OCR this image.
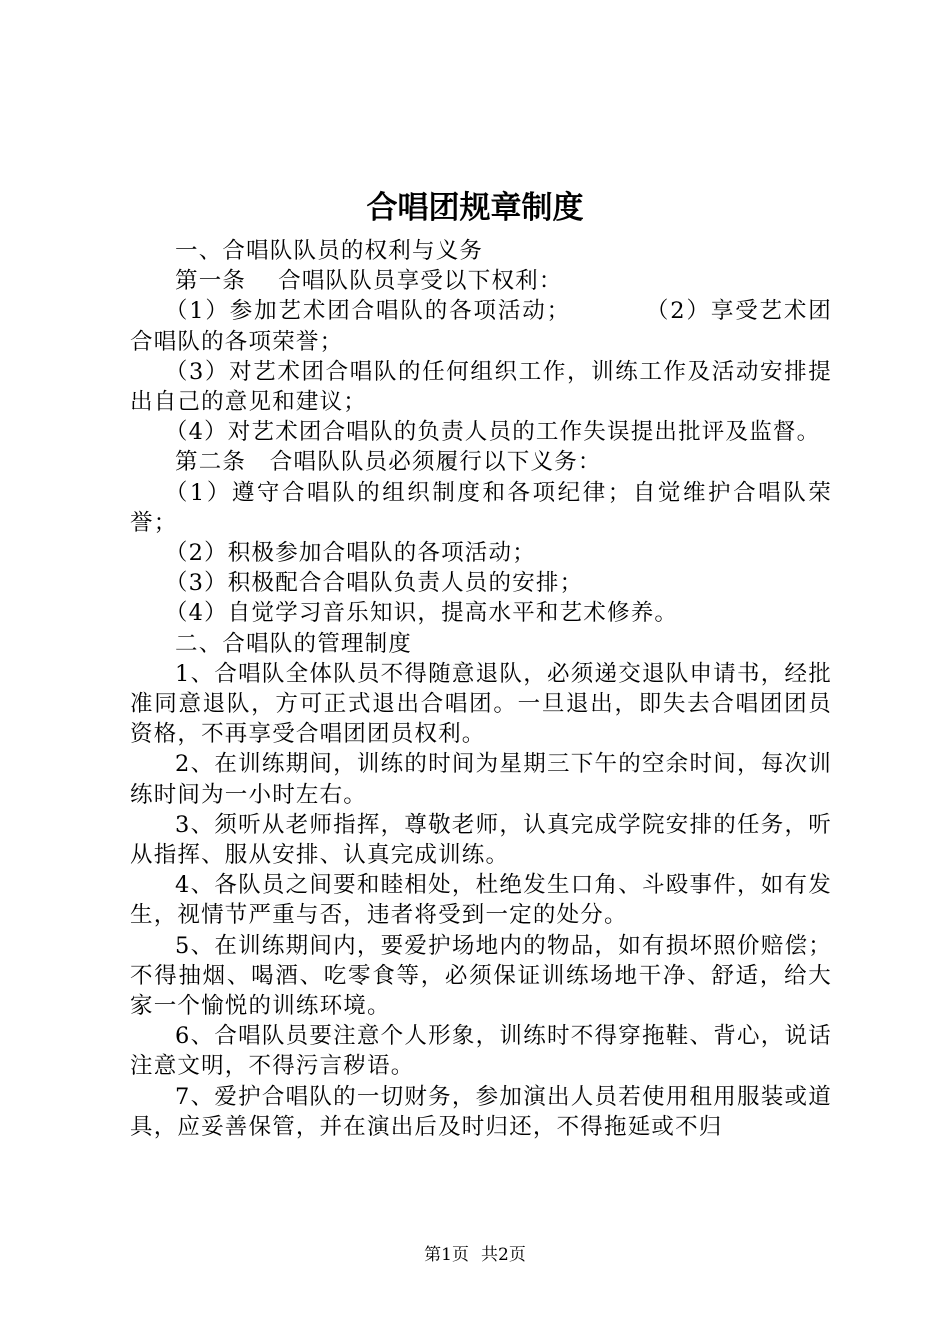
合唱团规章制度

一、合唱队队员的权利与义务

第一条　 合唱队队员享受以下权利：

（1）参加艺术团合唱队的各项活动；　　　　（2）享受艺术团合唱队的各项荣誉；

（3）对艺术团合唱队的任何组织工作，训练工作及活动安排提出自己的意见和建议；

（4）对艺术团合唱队的负责人员的工作失误提出批评及监督。

第二条　合唱队队员必须履行以下义务：

（1）遵守合唱队的组织制度和各项纪律；自觉维护合唱队荣誉；

（2）积极参加合唱队的各项活动；

（3）积极配合合唱队负责人员的安排；

（4）自觉学习音乐知识，提高水平和艺术修养。

二、合唱队的管理制度

1、合唱队全体队员不得随意退队，必须递交退队申请书，经批准同意退队，方可正式退出合唱团。一旦退出，即失去合唱团团员资格，不再享受合唱团团员权利。

2、在训练期间，训练的时间为星期三下午的空余时间，每次训练时间为一小时左右。

3、须听从老师指挥，尊敬老师，认真完成学院安排的任务，听从指挥、服从安排、认真完成训练。

4、各队员之间要和睦相处，杜绝发生口角、斗殴事件，如有发生，视情节严重与否，违者将受到一定的处分。

5、在训练期间内，要爱护场地内的物品，如有损坏照价赔偿；不得抽烟、喝酒、吃零食等，必须保证训练场地干净、舒适，给大家一个愉悦的训练环境。

6、合唱队员要注意个人形象，训练时不得穿拖鞋、背心，说话注意文明，不得污言秽语。

7、爱护合唱队的一切财务，参加演出人员若使用租用服装或道具，应妥善保管，并在演出后及时归还，不得拖延或不归

第1页 共2页
